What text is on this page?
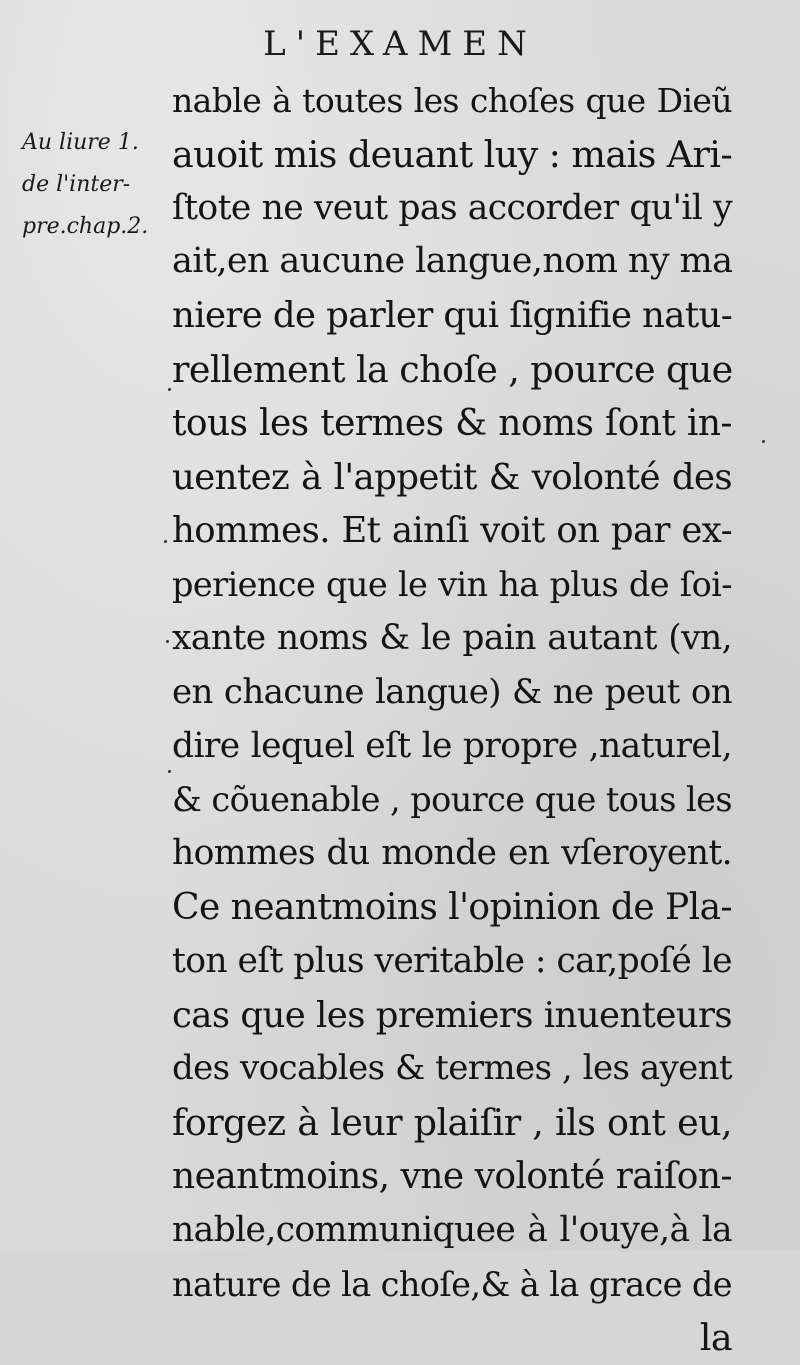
L'EXAMEN
Au liure 1.
de l'inter-
pre.chap.2.
nable à toutes les choſes que Dieũ
auoit mis deuant luy : mais Ari-
ſtote ne veut pas accorder qu'il y
ait,en aucune langue,nom ny ma
niere de parler qui ſignifie natu-
rellement la choſe , pource que
tous les termes & noms ſont in-
uentez à l'appetit & volonté des
hommes. Et ainſi voit on par ex-
perience que le vin ha plus de ſoi-
xante noms & le pain autant (vn,
en chacune langue) & ne peut on
dire lequel eſt le propre ,naturel,
& cõuenable , pource que tous les
hommes du monde en vſeroyent.
Ce neantmoins l'opinion de Pla-
ton eſt plus veritable : car,poſé le
cas que les premiers inuenteurs
des vocables & termes , les ayent
forgez à leur plaiſir , ils ont eu,
neantmoins, vne volonté raiſon-
nable,communiquee à l'ouye,à la
nature de la choſe,& à la grace de
la
